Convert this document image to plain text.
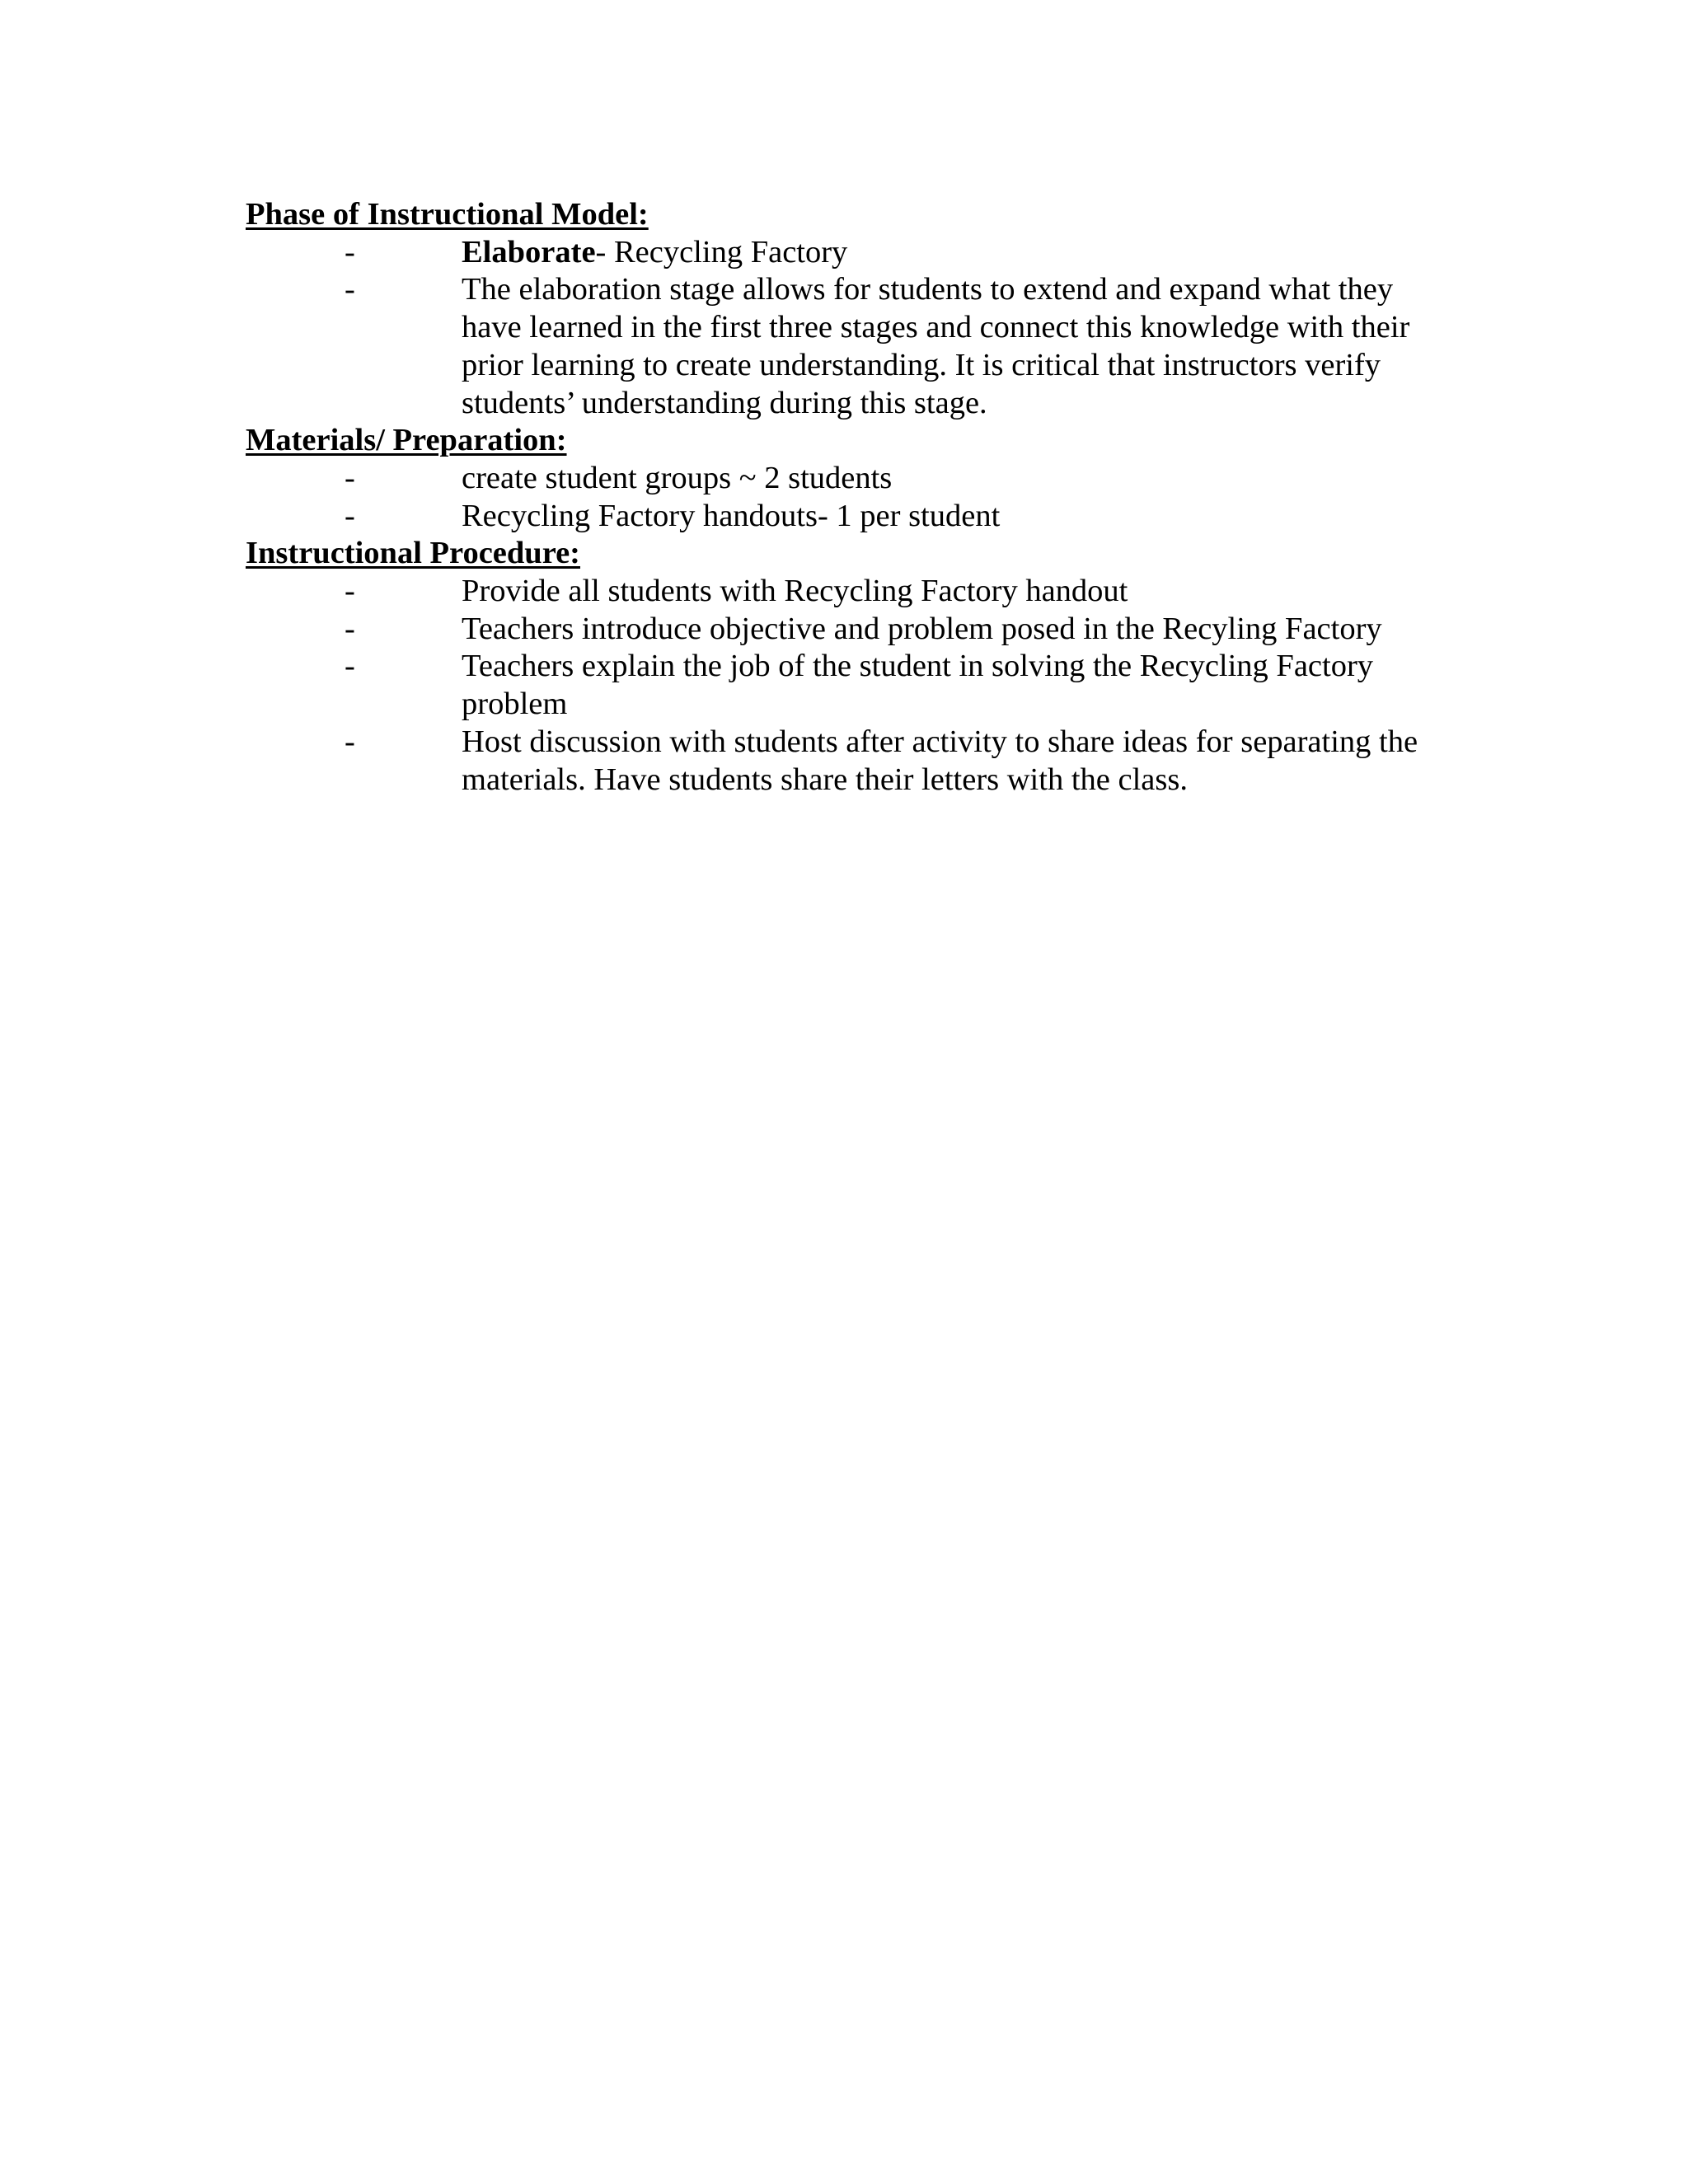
Phase of Instructional Model:

-	Elaborate- Recycling Factory
-	The elaboration stage allows for students to extend and expand what they have learned in the first three stages and connect this knowledge with their prior learning to create understanding. It is critical that instructors verify students’ understanding during this stage.

Materials/ Preparation:

-	create student groups ~ 2 students
-	Recycling Factory handouts- 1 per student

Instructional Procedure:

-	Provide all students with Recycling Factory handout
-	Teachers introduce objective and problem posed in the Recyling Factory
-	Teachers explain the job of the student in solving the Recycling Factory problem
-	Host discussion with students after activity to share ideas for separating the materials. Have students share their letters with the class.
